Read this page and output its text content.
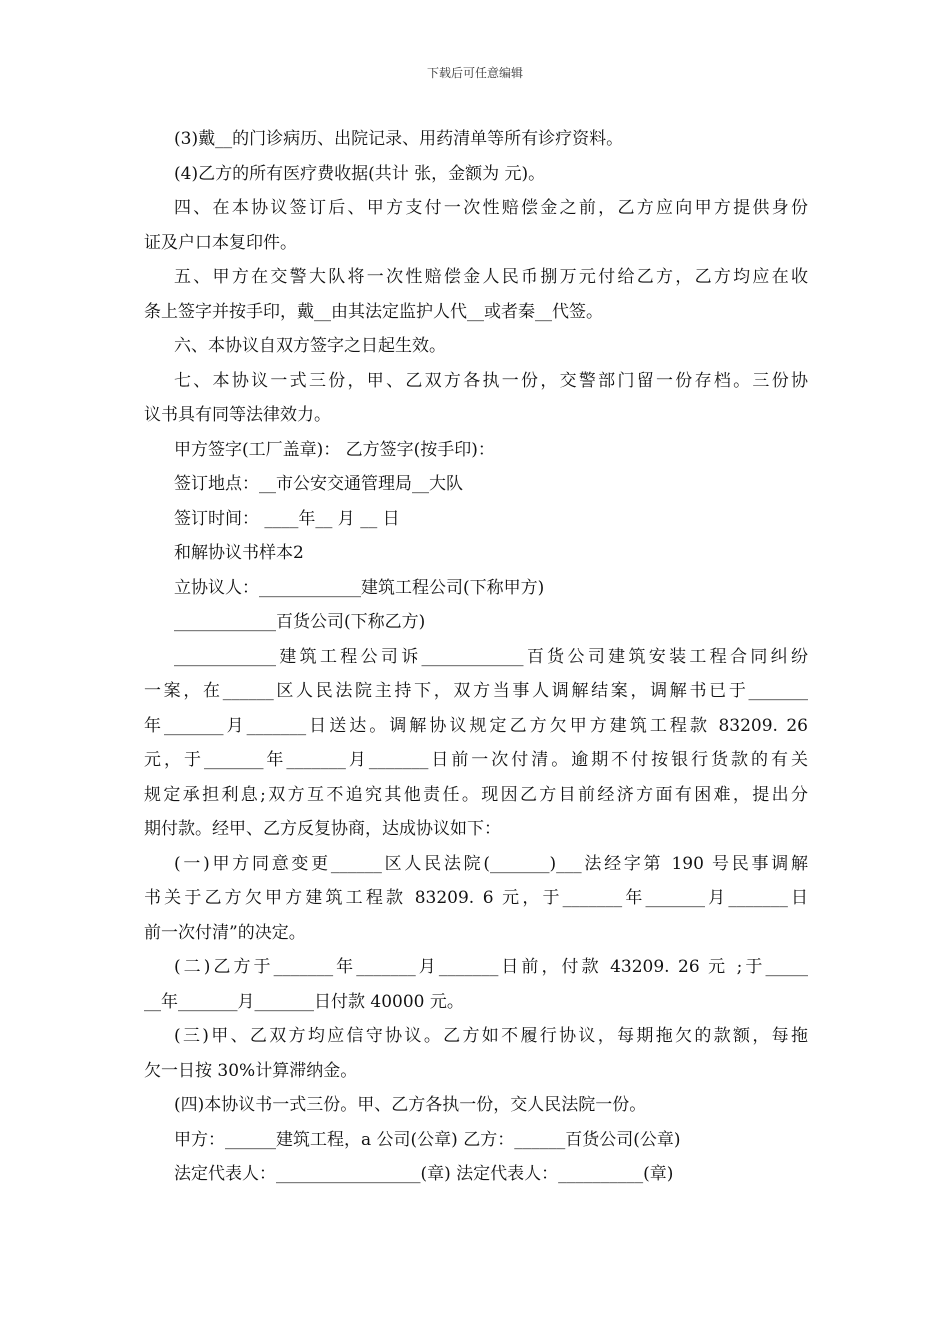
下载后可任意编辑
(3)戴__的门诊病历、出院记录、用药清单等所有诊疗资料。
(4)乙方的所有医疗费收据(共计 张，金额为 元)。
四、在本协议签订后、甲方支付一次性赔偿金之前，乙方应向甲方提供身份
证及户口本复印件。
五、甲方在交警大队将一次性赔偿金人民币捌万元付给乙方，乙方均应在收
条上签字并按手印，戴__由其法定监护人代__或者秦__代签。
六、本协议自双方签字之日起生效。
七、本协议一式三份，甲、乙双方各执一份，交警部门留一份存档。三份协
议书具有同等法律效力。
甲方签字(工厂盖章)： 乙方签字(按手印)：
签订地点：__市公安交通管理局__大队
签订时间： ____年__ 月 __ 日
和解协议书样本2
立协议人：____________建筑工程公司(下称甲方)
____________百货公司(下称乙方)
____________建筑工程公司诉____________百货公司建筑安装工程合同纠纷
一案，在______区人民法院主持下，双方当事人调解结案，调解书已于_______
年_______月_______日送达。调解协议规定乙方欠甲方建筑工程款 83209. 26
元，于_______年_______月_______日前一次付清。逾期不付按银行货款的有关
规定承担利息;双方互不追究其他责任。现因乙方目前经济方面有困难，提出分
期付款。经甲、乙方反复协商，达成协议如下：
(一)甲方同意变更______区人民法院(_______)___法经字第 190 号民事调解
书关于乙方欠甲方建筑工程款 83209. 6 元，于_______年_______月_______日
前一次付清”的决定。
(二)乙方于_______年_______月_______日前，付款 43209. 26 元 ;于_____
__年_______月_______日付款 40000 元。
(三)甲、乙双方均应信守协议。乙方如不履行协议，每期拖欠的款额，每拖
欠一日按 30%计算滞纳金。
(四)本协议书一式三份。甲、乙方各执一份，交人民法院一份。
甲方：______建筑工程，a 公司(公章) 乙方：______百货公司(公章)
法定代表人：_________________(章) 法定代表人：__________(章)
